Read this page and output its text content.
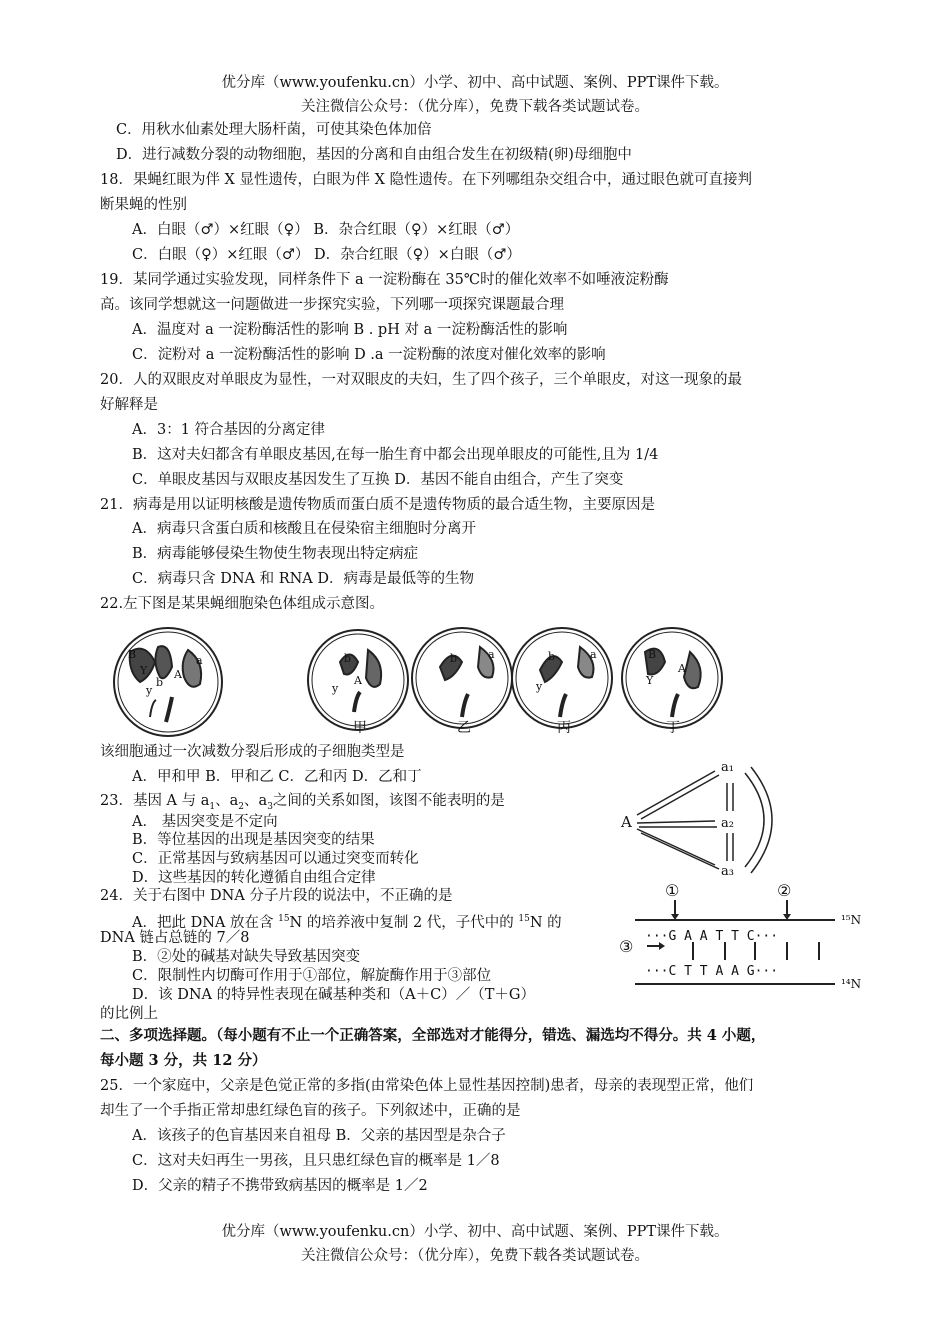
优分库（www.youfenku.cn）小学、初中、高中试题、案例、PPT课件下载。
关注微信公众号：（优分库），免费下载各类试题试卷。
C．用秋水仙素处理大肠杆菌，可使其染色体加倍
D．进行减数分裂的动物细胞，基因的分离和自由组合发生在初级精(卵)母细胞中
18．果蝇红眼为伴 X 显性遗传，白眼为伴 X 隐性遗传。在下列哪组杂交组合中，通过眼色就可直接判
断果蝇的性别
A．白眼（♂）×红眼（♀） B．杂合红眼（♀）×红眼（♂）
C．白眼（♀）×红眼（♂） D．杂合红眼（♀）×白眼（♂）
19．某同学通过实验发现，同样条件下 a 一淀粉酶在 35℃时的催化效率不如唾液淀粉酶
高。该同学想就这一问题做进一步探究实验，下列哪一项探究课题最合理
A．温度对 a 一淀粉酶活性的影响 B . pH 对 a 一淀粉酶活性的影响
C．淀粉对 a 一淀粉酶活性的影响 D .a 一淀粉酶的浓度对催化效率的影响
20．人的双眼皮对单眼皮为显性，一对双眼皮的夫妇，生了四个孩子，三个单眼皮，对这一现象的最
好解释是
A．3：1 符合基因的分离定律
B．这对夫妇都含有单眼皮基因,在每一胎生育中都会出现单眼皮的可能性,且为 1/4
C．单眼皮基因与双眼皮基因发生了互换 D．基因不能自由组合，产生了突变
21．病毒是用以证明核酸是遗传物质而蛋白质不是遗传物质的最合适生物，主要原因是
A．病毒只含蛋白质和核酸且在侵染宿主细胞时分离开
B．病毒能够侵染生物使生物表现出特定病症
C．病毒只含 DNA 和 RNA D．病毒是最低等的生物
22.左下图是某果蝇细胞染色体组成示意图。
B
Y
b
A
a
y
b
A
y
b	a	b	a
y
B
A
Y
甲	乙	丙	丁
该细胞通过一次减数分裂后形成的子细胞类型是
A．甲和甲 B．甲和乙 C．乙和丙 D．乙和丁
23．基因 A 与 $a_1$、$a_2$、$a_3$之间的关系如图，该图不能表明的是
A． 基因突变是不定向
B．等位基因的出现是基因突变的结果
C．正常基因与致病基因可以通过突变而转化
D．这些基因的转化遵循自由组合定律
A
a₁
a₂
a₃
24．关于右图中 DNA 分子片段的说法中，不正确的是
A．把此 DNA 放在含 $^{15}$N 的培养液中复制 2 代，子代中的 $^{15}$N 的
DNA 链占总链的 7／8
B．②处的碱基对缺失导致基因突变
C．限制性内切酶可作用于①部位，解旋酶作用于③部位
D．该 DNA 的特异性表现在碱基种类和（A＋C）／（T＋G）
的比例上
①	②
③
···G A A T T C···
···C T T A A G···
¹⁵N
¹⁴N
二、多项选择题。（每小题有不止一个正确答案，全部选对才能得分，错选、漏选均不得分。共 4 小题，
每小题 3 分，共 12 分）
25．一个家庭中，父亲是色觉正常的多指(由常染色体上显性基因控制)患者，母亲的表现型正常，他们
却生了一个手指正常却患红绿色盲的孩子。下列叙述中，正确的是
A．该孩子的色盲基因来自祖母 B．父亲的基因型是杂合子
C．这对夫妇再生一男孩，且只患红绿色盲的概率是 1／8
D．父亲的精子不携带致病基因的概率是 1／2
优分库（www.youfenku.cn）小学、初中、高中试题、案例、PPT课件下载。
关注微信公众号：（优分库），免费下载各类试题试卷。
